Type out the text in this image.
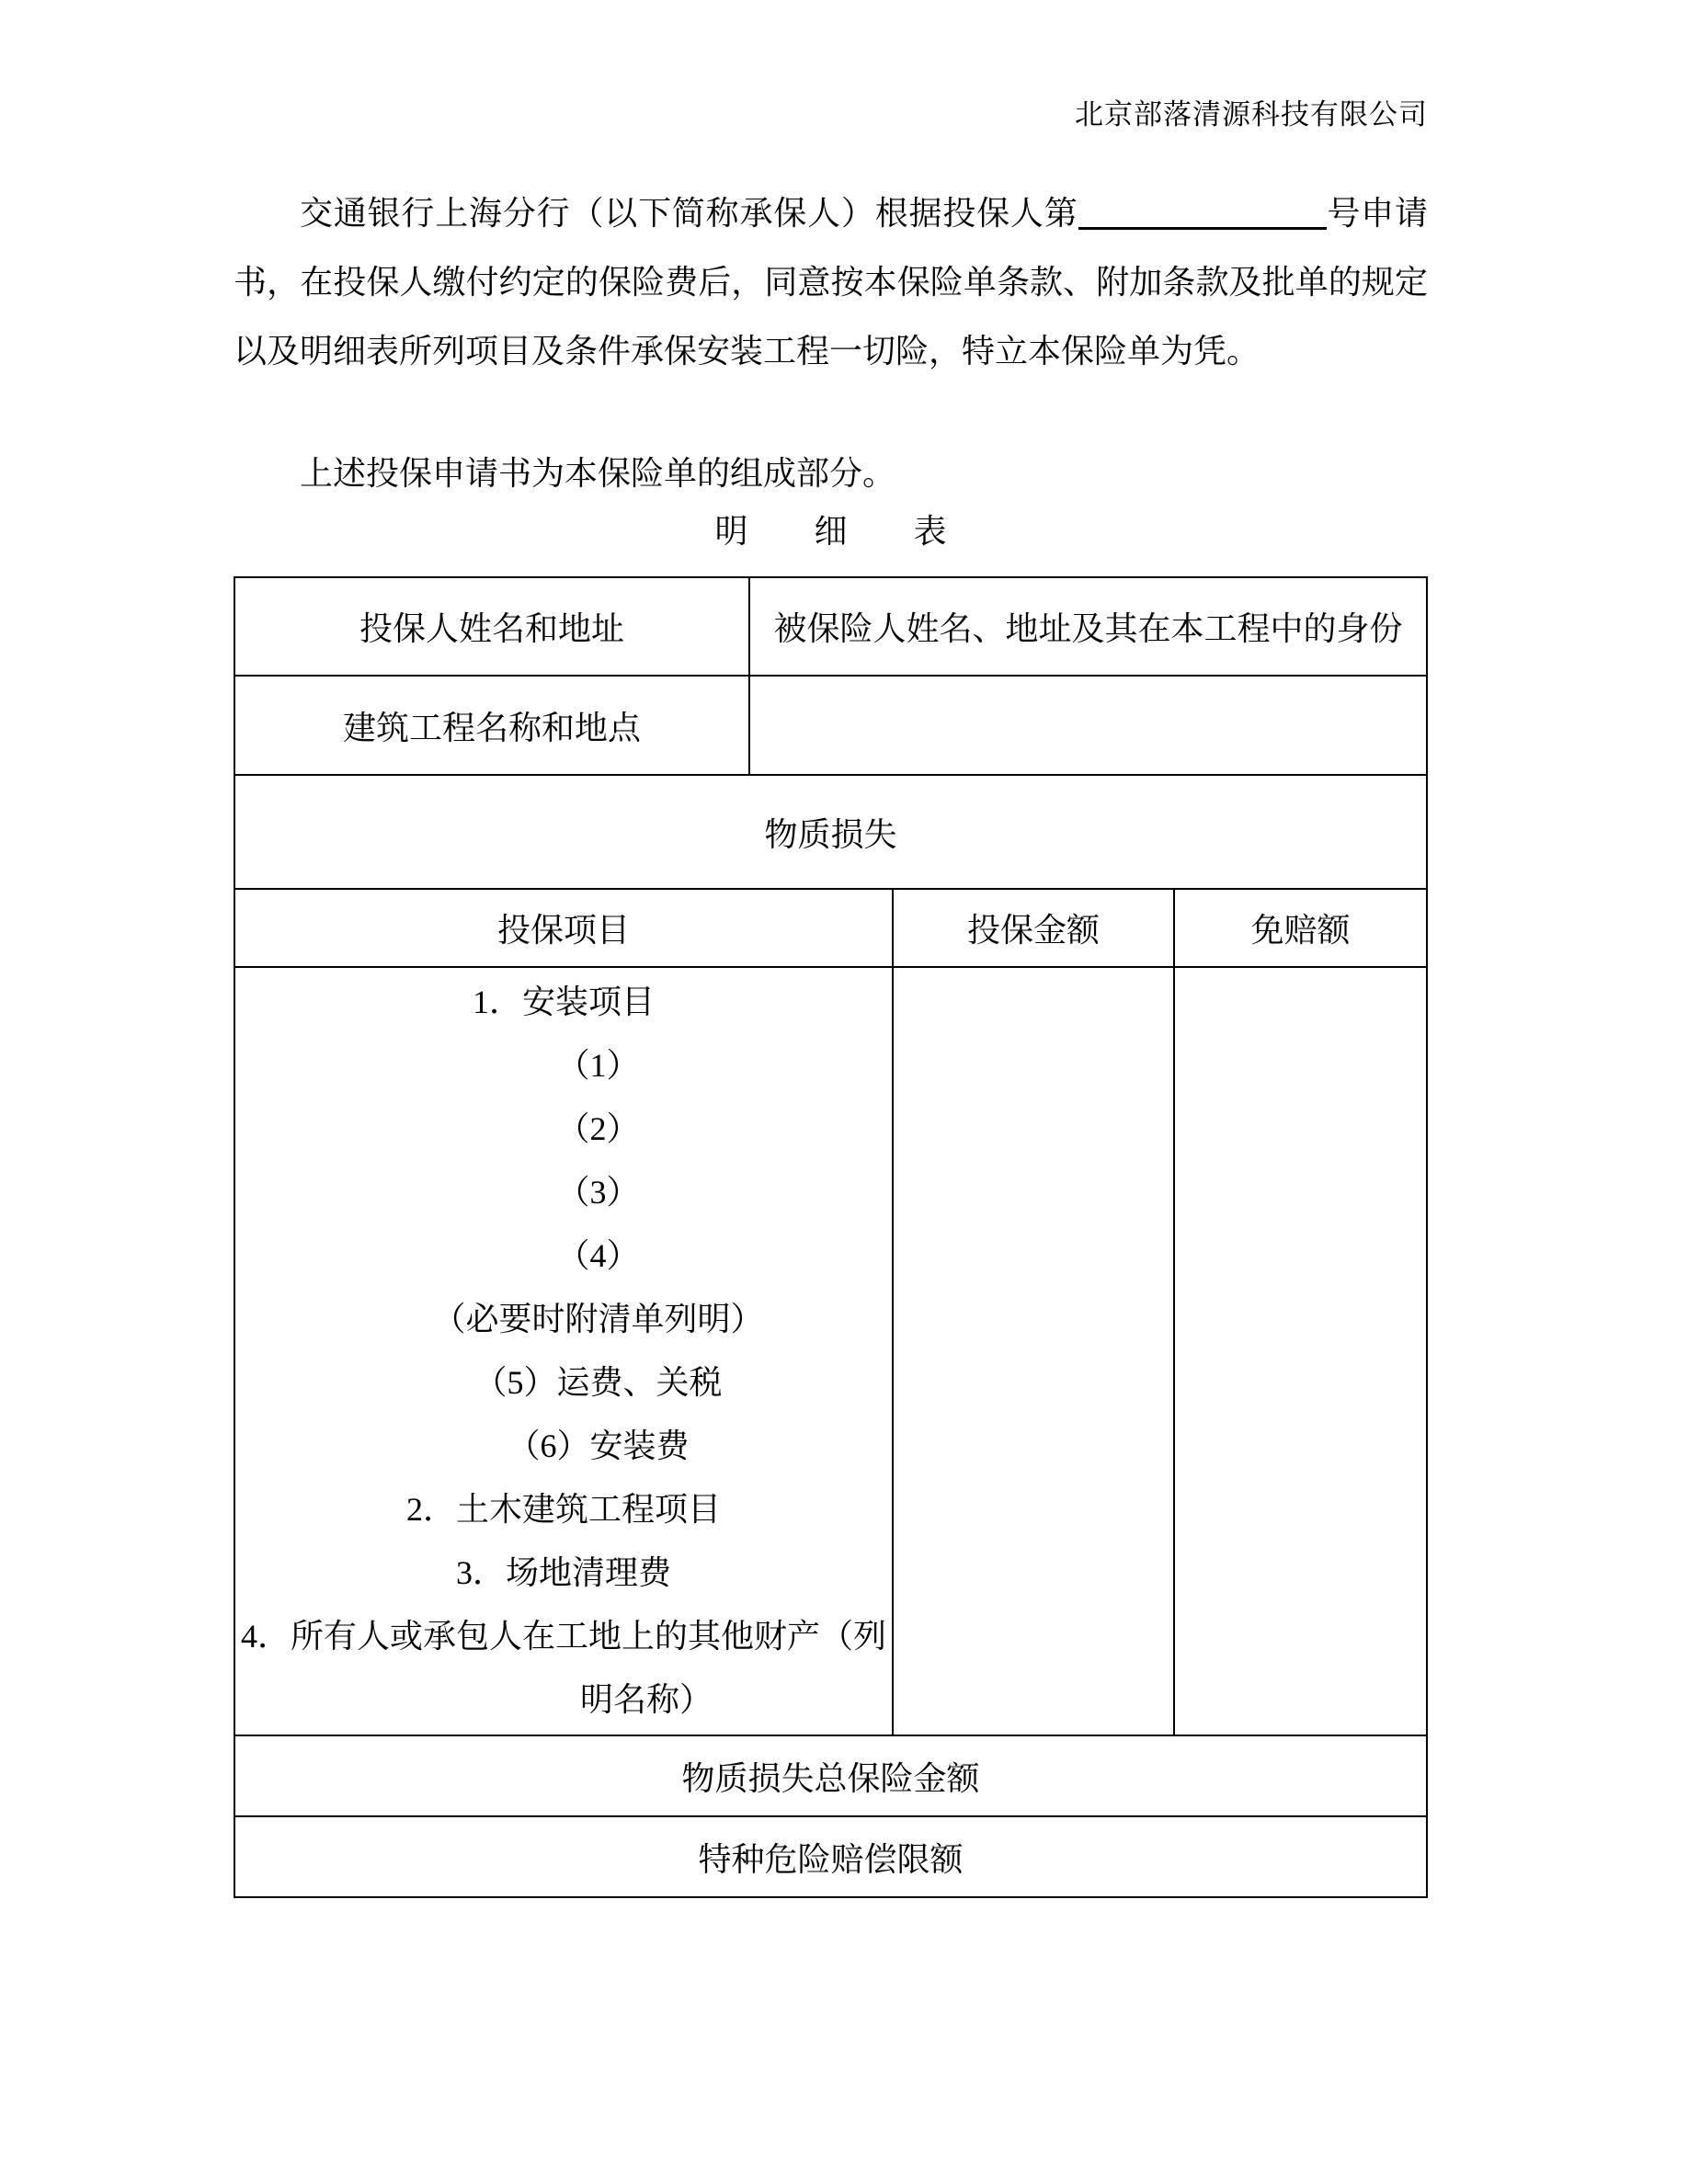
北京部落清源科技有限公司

交通银行上海分行（以下简称承保人）根据投保人第	号申请书，在投保人缴付约定的保险费后，同意按本保险单条款、附加条款及批单的规定以及明细表所列项目及条件承保安装工程一切险，特立本保险单为凭。

上述投保申请书为本保险单的组成部分。

明　　细　　表
投保人姓名和地址	被保险人姓名、地址及其在本工程中的身份		
建筑工程名称和地点			
物质损失			
投保项目		投保金额	免赔额

1．安装项目
（1）
（2）
（3）
（4）
（必要时附清单列明）
（5）运费、关税
（6）安装费
2．土木建筑工程项目
3．场地清理费
4．所有人或承包人在工地上的其他财产（列明名称）

物质损失总保险金额			
特种危险赔偿限额			
